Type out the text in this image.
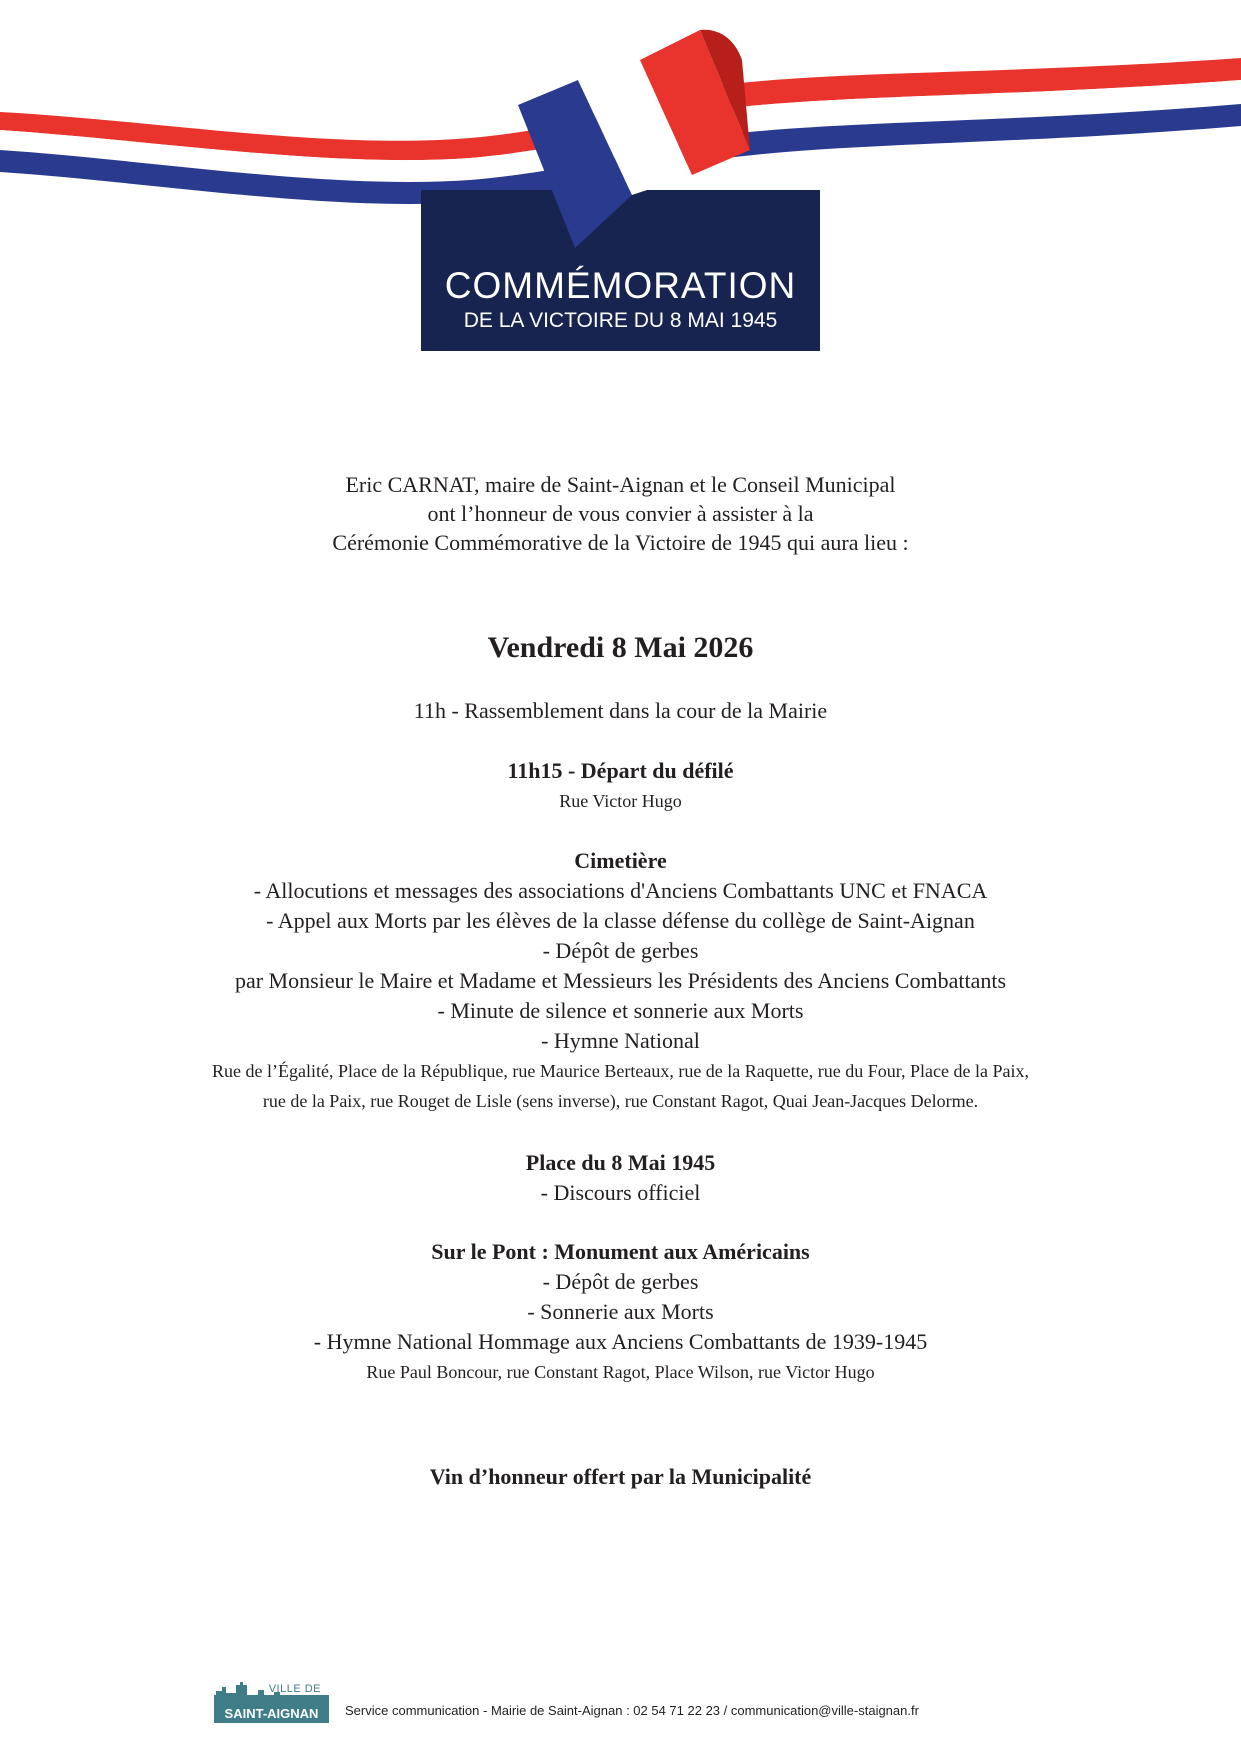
COMMÉMORATION

DE LA VICTOIRE DU 8 MAI 1945

Eric CARNAT, maire de Saint-Aignan et le Conseil Municipal

ont l’honneur de vous convier à assister à la

Cérémonie Commémorative de la Victoire de 1945 qui aura lieu :

Vendredi 8 Mai 2026

11h - Rassemblement dans la cour de la Mairie

11h15 - Départ du défilé

Rue Victor Hugo

Cimetière

- Allocutions et messages des associations d'Anciens Combattants UNC et FNACA

- Appel aux Morts par les élèves de la classe défense du collège de Saint-Aignan

- Dépôt de gerbes

par Monsieur le Maire et Madame et Messieurs les Présidents des Anciens Combattants

- Minute de silence et sonnerie aux Morts

- Hymne National

Rue de l’Égalité, Place de la République, rue Maurice Berteaux, rue de la Raquette, rue du Four, Place de la Paix,

rue de la Paix, rue Rouget de Lisle (sens inverse), rue Constant Ragot, Quai Jean-Jacques Delorme.

Place du 8 Mai 1945

- Discours officiel

Sur le Pont : Monument aux Américains

- Dépôt de gerbes

- Sonnerie aux Morts

- Hymne National Hommage aux Anciens Combattants de 1939-1945

Rue Paul Boncour, rue Constant Ragot, Place Wilson, rue Victor Hugo

Vin d’honneur offert par la Municipalité

VILLE DE
SAINT-AIGNAN	Service communication - Mairie de Saint-Aignan : 02 54 71 22 23 / communication@ville-staignan.fr
